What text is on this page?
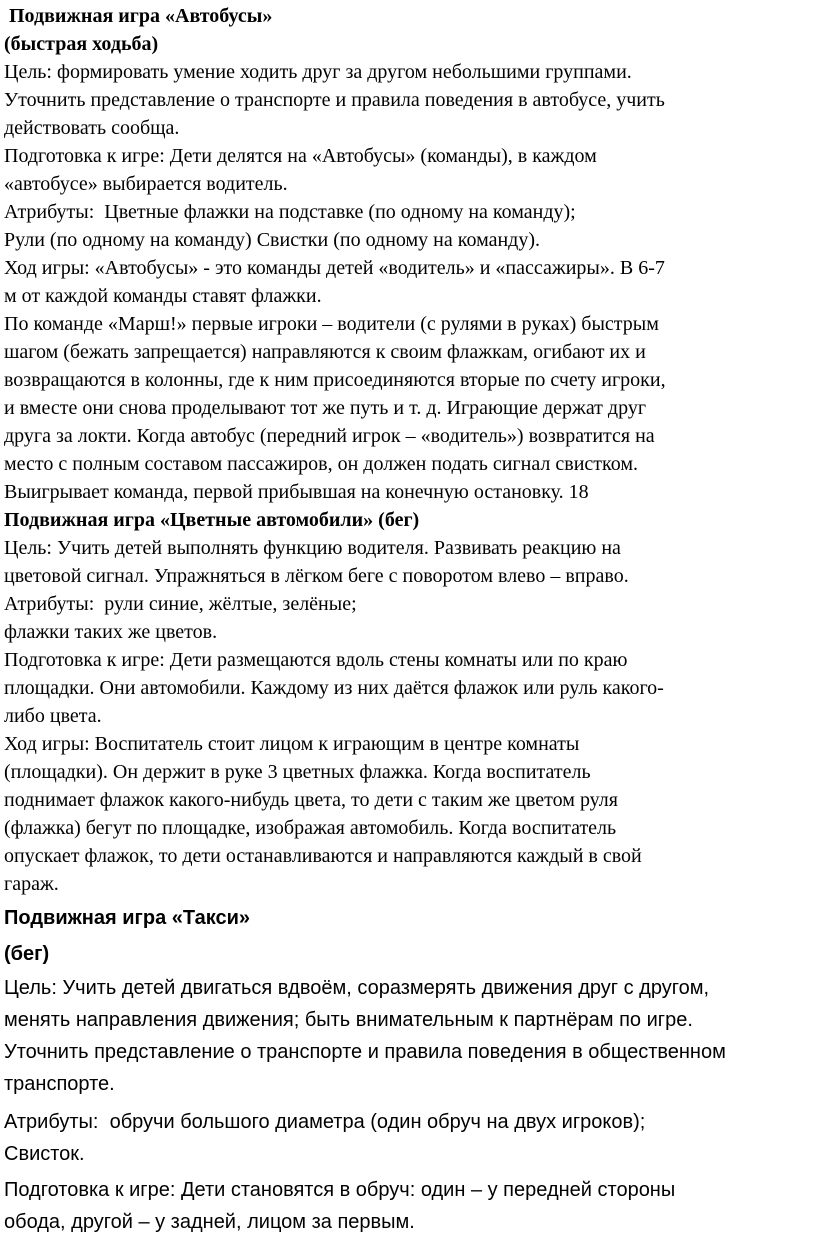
Подвижная игра «Автобусы»
(быстрая ходьба)
Цель: формировать умение ходить друг за другом небольшими группами.
Уточнить представление о транспорте и правила поведения в автобусе, учить
действовать сообща.
Подготовка к игре: Дети делятся на «Автобусы» (команды), в каждом
«автобусе» выбирается водитель.
Атрибуты:  Цветные флажки на подставке (по одному на команду);
Рули (по одному на команду) Свистки (по одному на команду).
Ход игры: «Автобусы» - это команды детей «водитель» и «пассажиры». В 6-7
м от каждой команды ставят флажки.
По команде «Марш!» первые игроки – водители (с рулями в руках) быстрым
шагом (бежать запрещается) направляются к своим флажкам, огибают их и
возвращаются в колонны, где к ним присоединяются вторые по счету игроки,
и вместе они снова проделывают тот же путь и т. д. Играющие держат друг
друга за локти. Когда автобус (передний игрок – «водитель») возвратится на
место с полным составом пассажиров, он должен подать сигнал свистком.
Выигрывает команда, первой прибывшая на конечную остановку. 18
Подвижная игра «Цветные автомобили» (бег)
Цель: Учить детей выполнять функцию водителя. Развивать реакцию на
цветовой сигнал. Упражняться в лёгком беге с поворотом влево – вправо.
Атрибуты:  рули синие, жёлтые, зелёные;
флажки таких же цветов.
Подготовка к игре: Дети размещаются вдоль стены комнаты или по краю
площадки. Они автомобили. Каждому из них даётся флажок или руль какого-
либо цвета.
Ход игры: Воспитатель стоит лицом к играющим в центре комнаты
(площадки). Он держит в руке 3 цветных флажка. Когда воспитатель
поднимает флажок какого-нибудь цвета, то дети с таким же цветом руля
(флажка) бегут по площадке, изображая автомобиль. Когда воспитатель
опускает флажок, то дети останавливаются и направляются каждый в свой
гараж.
Подвижная игра «Такси»
(бег)
Цель: Учить детей двигаться вдвоём, соразмерять движения друг с другом,
менять направления движения; быть внимательным к партнёрам по игре.
Уточнить представление о транспорте и правила поведения в общественном
транспорте.
Атрибуты:  обручи большого диаметра (один обруч на двух игроков);
Свисток.
Подготовка к игре: Дети становятся в обруч: один – у передней стороны
обода, другой – у задней, лицом за первым.
